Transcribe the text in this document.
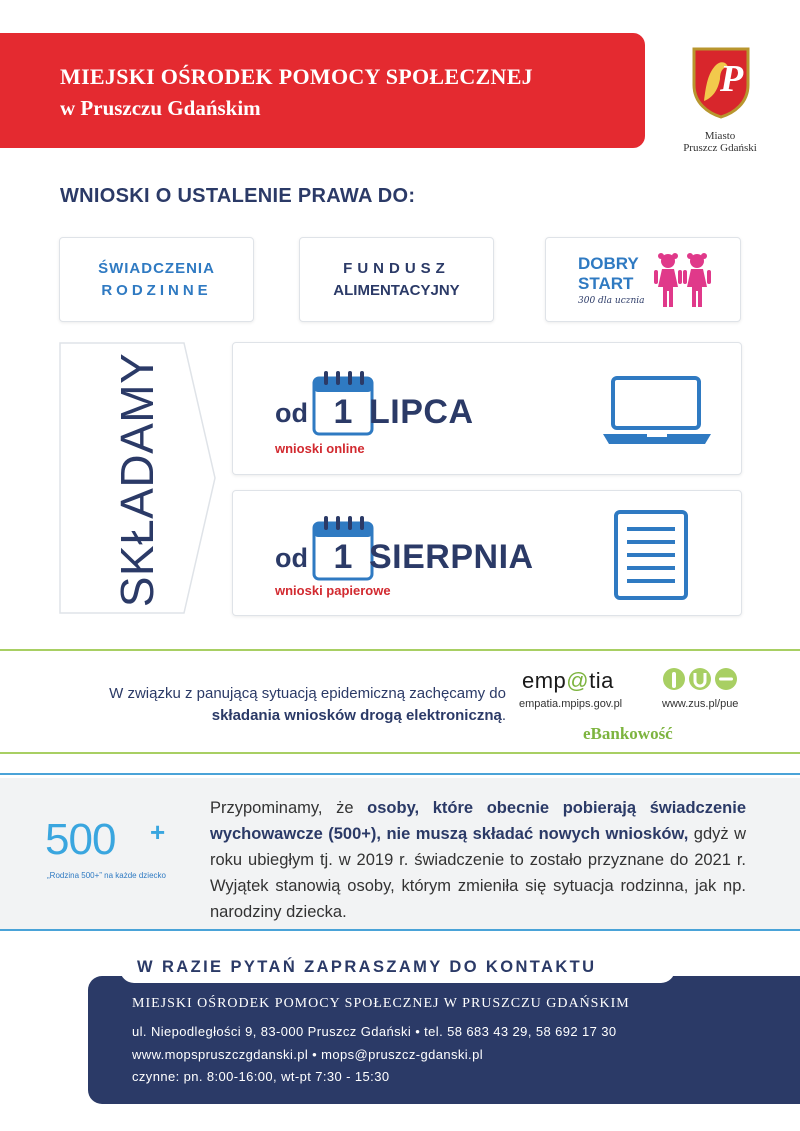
MIEJSKI OŚRODEK POMOCY SPOŁECZNEJ
w Pruszczu Gdańskim
P
Miasto
Pruszcz Gdański
WNIOSKI O USTALENIE PRAWA DO:
ŚWIADCZENIA
RODZINNE
FUNDUSZ
ALIMENTACYJNY
DOBRY
START
300 dla ucznia
SKŁADAMY	od 1 LIPCA
wnioski online
od 1 SIERPNIA
wnioski papierowe
W związku z panującą sytuacją epidemiczną zachęcamy do
składania wniosków drogą elektroniczną.
emp@tia
empatia.mpips.gov.pl	www.zus.pl/pue
eBankowość
500 +
„Rodzina 500+” na każde dziecko
Przypominamy, że osoby, które obecnie pobierają świadczenie wychowawcze (500+), nie muszą składać nowych wniosków, gdyż w roku ubiegłym tj. w 2019 r. świadczenie to zostało przyznane do 2021 r. Wyjątek stanowią osoby, którym zmieniła się sytuacja rodzinna, jak np. narodziny dziecka.
W RAZIE PYTAŃ ZAPRASZAMY DO KONTAKTU
MIEJSKI OŚRODEK POMOCY SPOŁECZNEJ W PRUSZCZU GDAŃSKIM
ul. Niepodległości 9, 83-000 Pruszcz Gdański • tel. 58 683 43 29, 58 692 17 30
www.mopspruszczgdanski.pl • mops@pruszcz-gdanski.pl
czynne: pn. 8:00-16:00, wt-pt 7:30 - 15:30
